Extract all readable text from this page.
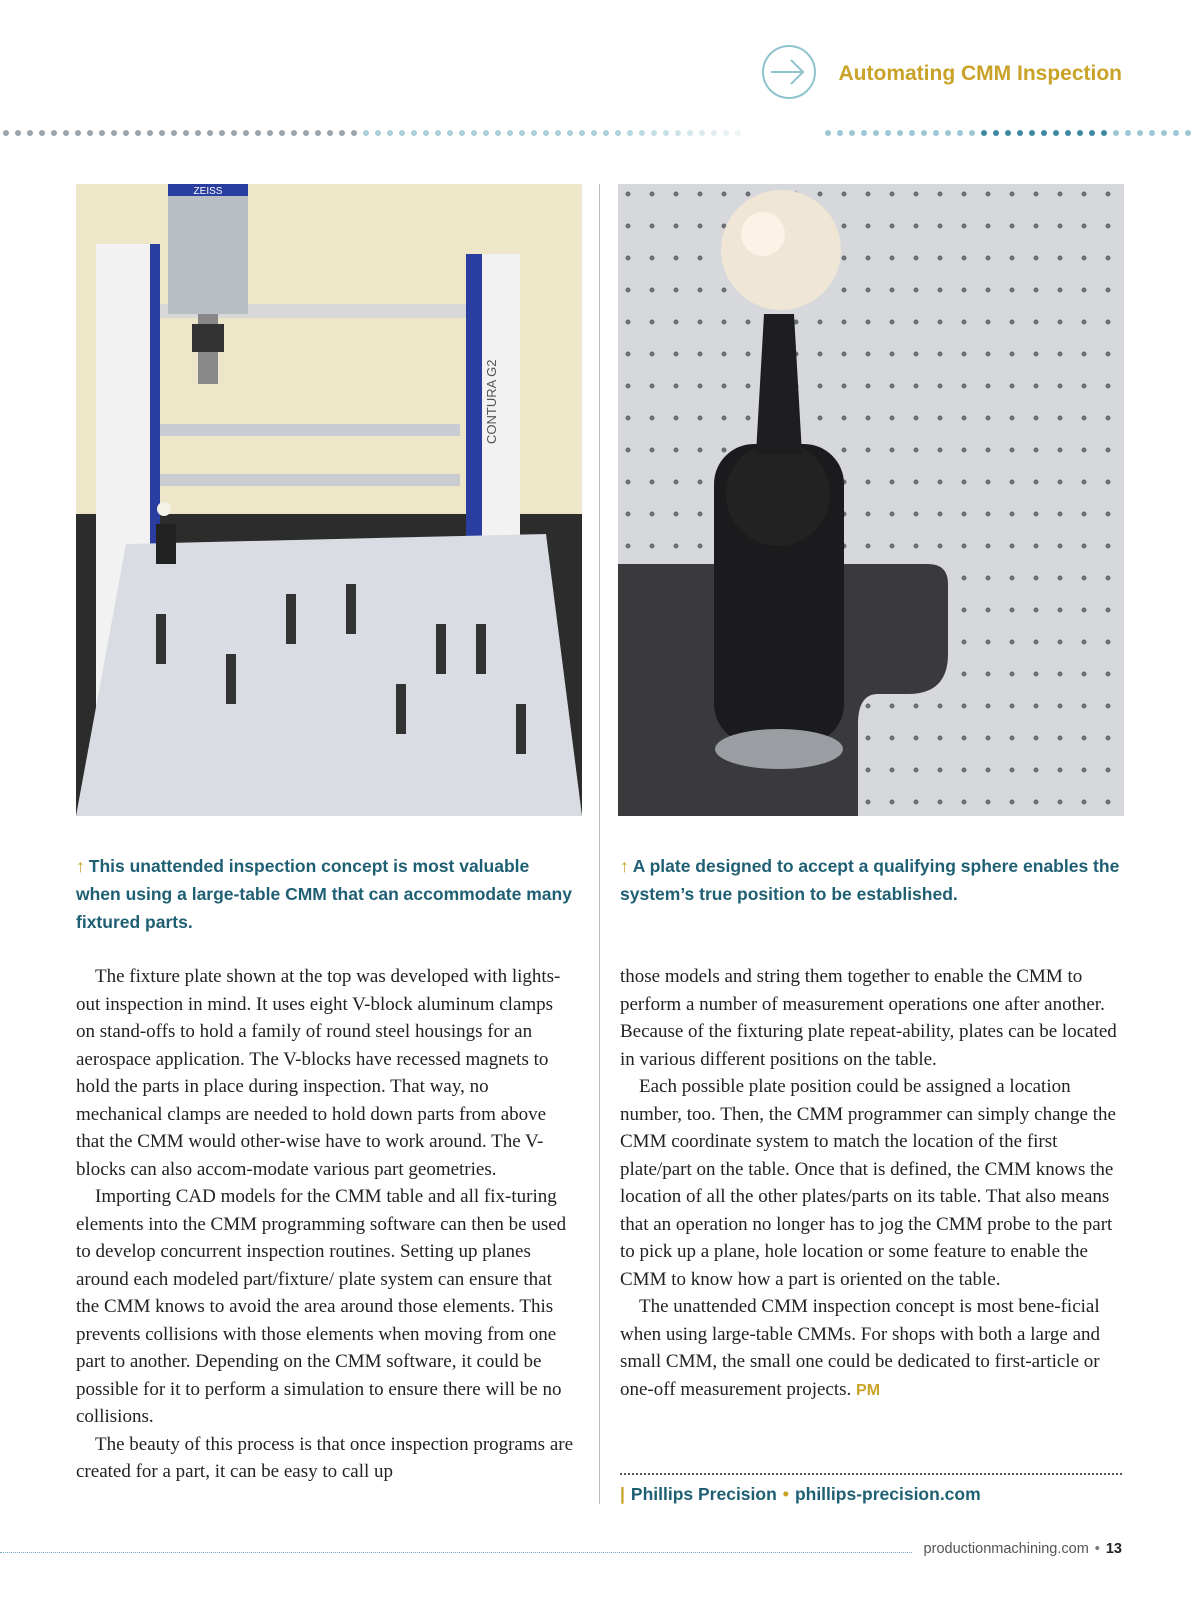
Automating CMM Inspection
CONTURA G2
ZEISS
↑ This unattended inspection concept is most valuable when using a large-table CMM that can accommodate many fixtured parts.
↑ A plate designed to accept a qualifying sphere enables the system’s true position to be established.

The fixture plate shown at the top was developed with lights-out inspection in mind. It uses eight V-block aluminum clamps on stand-offs to hold a family of round steel housings for an aerospace application. The V-blocks have recessed magnets to hold the parts in place during inspection. That way, no mechanical clamps are needed to hold down parts from above that the CMM would other-wise have to work around. The V-blocks can also accom-modate various part geometries.

Importing CAD models for the CMM table and all fix-turing elements into the CMM programming software can then be used to develop concurrent inspection routines. Setting up planes around each modeled part/fixture/ plate system can ensure that the CMM knows to avoid the area around those elements. This prevents collisions with those elements when moving from one part to another. Depending on the CMM software, it could be possible for it to perform a simulation to ensure there will be no collisions.

The beauty of this process is that once inspection programs are created for a part, it can be easy to call up

those models and string them together to enable the CMM to perform a number of measurement operations one after another. Because of the fixturing plate repeat-ability, plates can be located in various different positions on the table.

Each possible plate position could be assigned a location number, too. Then, the CMM programmer can simply change the CMM coordinate system to match the location of the first plate/part on the table. Once that is defined, the CMM knows the location of all the other plates/parts on its table. That also means that an operation no longer has to jog the CMM probe to the part to pick up a plane, hole location or some feature to enable the CMM to know how a part is oriented on the table.

The unattended CMM inspection concept is most bene-ficial when using large-table CMMs. For shops with both a large and small CMM, the small one could be dedicated to first-article or one-off measurement projects. PM

| Phillips Precision • phillips-precision.com
productionmachining.com • 13
